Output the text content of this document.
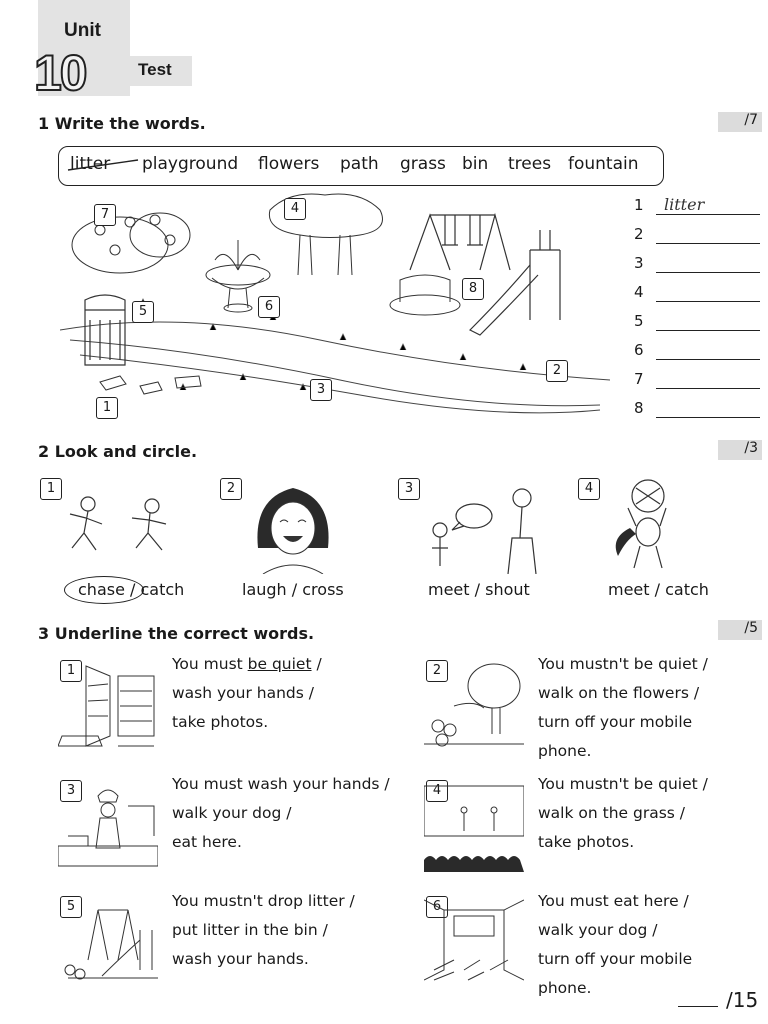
Unit
10	Test
1 Write the words.	/7
litter playground flowers path grass bin trees fountain
1
2
3
4
5	6
7
8
1 litter
2
3
4
5
6
7
8
2 Look and circle.	/3
1	2	3	4
chase / catch	laugh / cross	meet / shout	meet / catch
3 Underline the correct words.	/5
1	You must be quiet /
wash your hands /
take photos.
2	You mustn't be quiet /
walk on the flowers /
turn off your mobile
phone.
3	You must wash your hands /
walk your dog /
eat here.
4	You mustn't be quiet /
walk on the grass /
take photos.
5	You mustn't drop litter /
put litter in the bin /
wash your hands.
6	You must eat here /
walk your dog /
turn off your mobile
phone.	/15
